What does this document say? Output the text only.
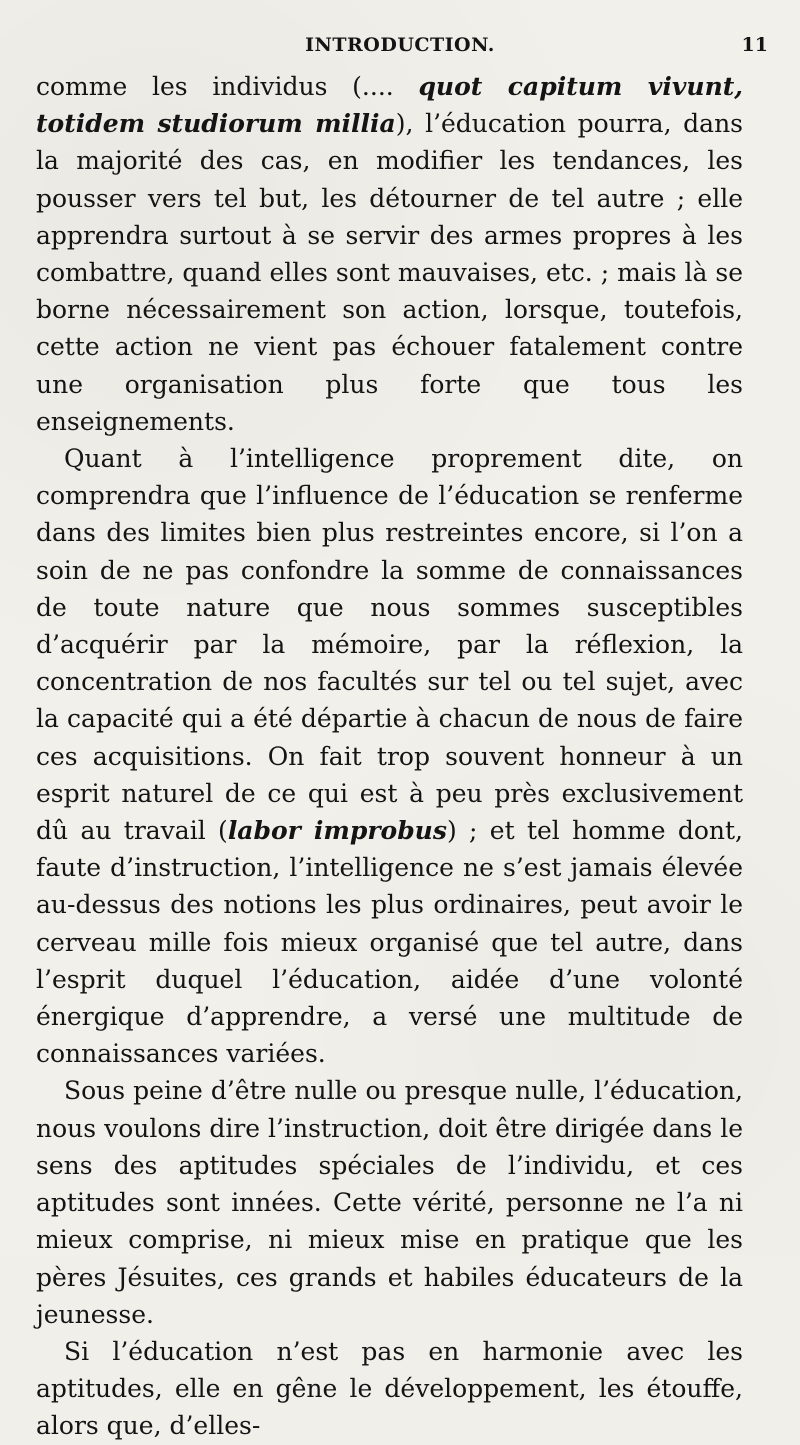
INTRODUCTION.	11

comme les individus (.... quot capitum vivunt, totidem studiorum millia), l’éducation pourra, dans la majorité des cas, en modifier les tendances, les pousser vers tel but, les détourner de tel autre ; elle apprendra surtout à se servir des armes propres à les combattre, quand elles sont mauvaises, etc. ; mais là se borne nécessairement son action, lorsque, toutefois, cette action ne vient pas échouer fatalement contre une organisation plus forte que tous les enseignements.

Quant à l’intelligence proprement dite, on comprendra que l’influence de l’éducation se renferme dans des limites bien plus restreintes encore, si l’on a soin de ne pas confondre la somme de connaissances de toute nature que nous sommes susceptibles d’acquérir par la mémoire, par la réflexion, la concentration de nos facultés sur tel ou tel sujet, avec la capacité qui a été départie à chacun de nous de faire ces acquisitions. On fait trop souvent honneur à un esprit naturel de ce qui est à peu près exclusivement dû au travail (labor improbus) ; et tel homme dont, faute d’instruction, l’intelligence ne s’est jamais élevée au-dessus des notions les plus ordinaires, peut avoir le cerveau mille fois mieux organisé que tel autre, dans l’esprit duquel l’éducation, aidée d’une volonté énergique d’apprendre, a versé une multitude de connaissances variées.

Sous peine d’être nulle ou presque nulle, l’éducation, nous voulons dire l’instruction, doit être dirigée dans le sens des aptitudes spéciales de l’individu, et ces aptitudes sont innées. Cette vérité, personne ne l’a ni mieux comprise, ni mieux mise en pratique que les pères Jésuites, ces grands et habiles éducateurs de la jeunesse.

Si l’éducation n’est pas en harmonie avec les aptitudes, elle en gêne le développement, les étouffe, alors que, d’elles-
